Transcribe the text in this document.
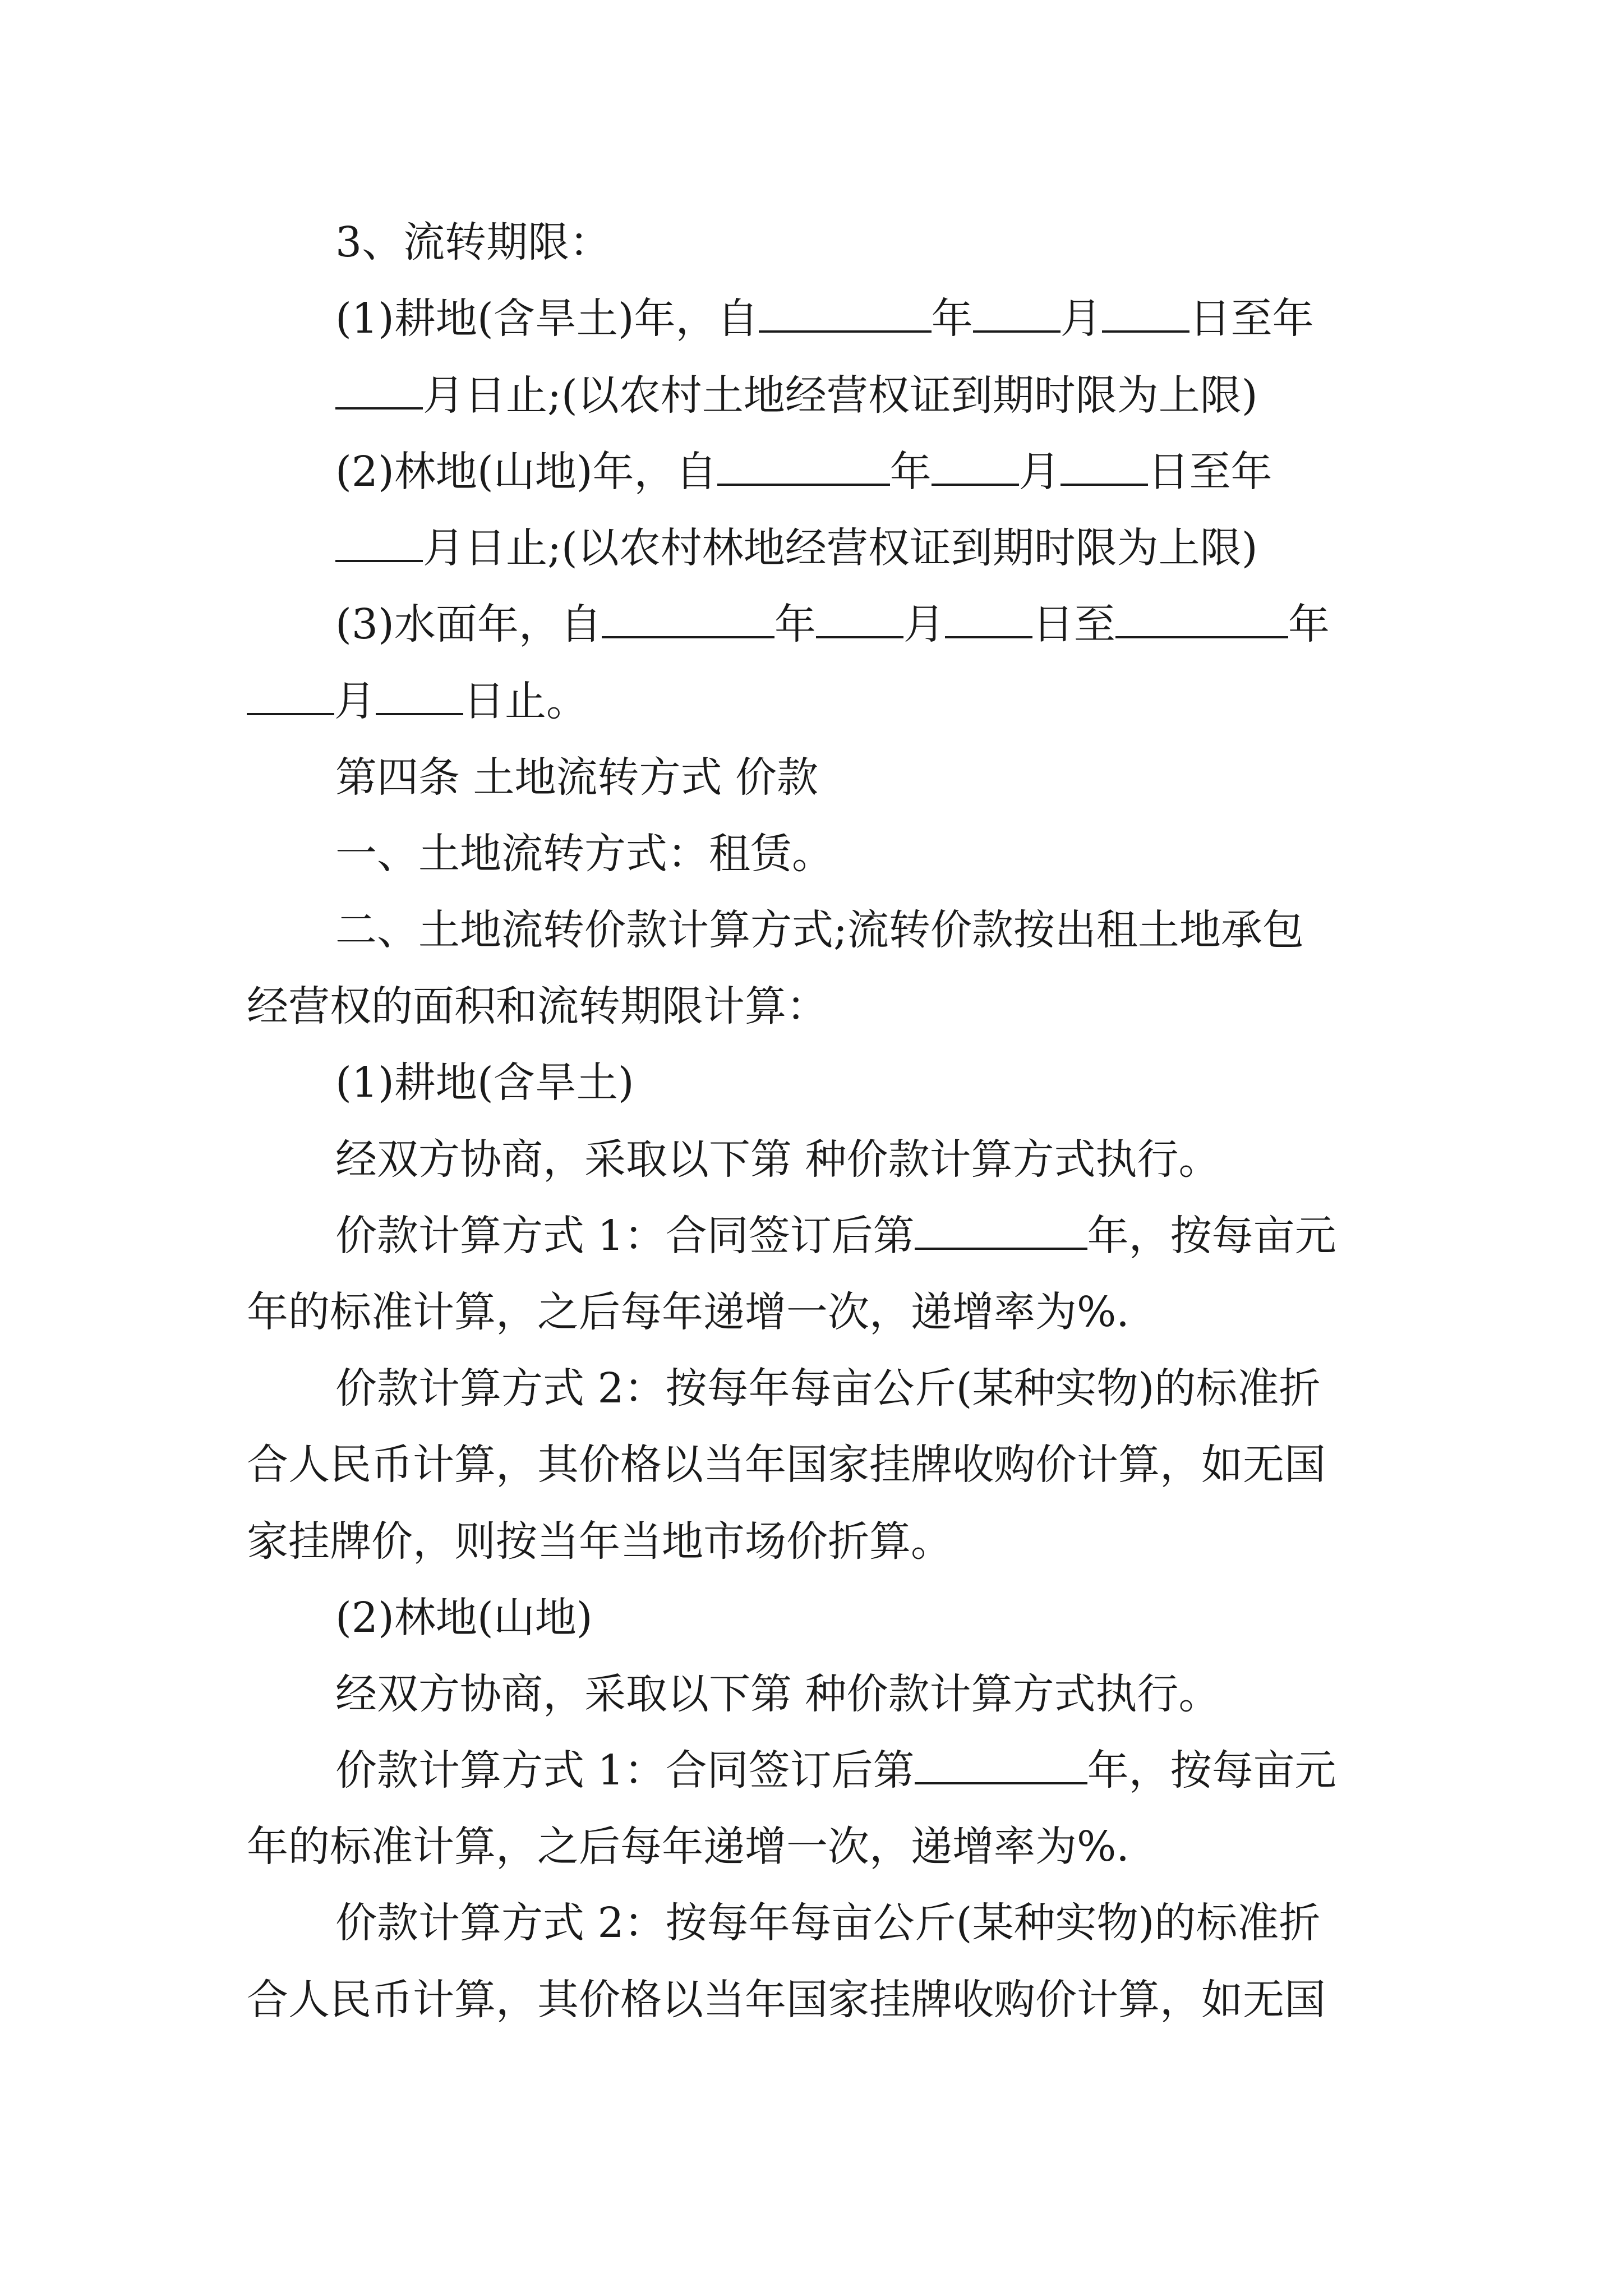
3、流转期限：

(1)耕地(含旱土)年，自	年 月 日至年

月日止;(以农村土地经营权证到期时限为上限)

(2)林地(山地)年，自	年 月 日至年

月日止;(以农村林地经营权证到期时限为上限)

(3)水面年，自	年 月 日至	年

月 日止。

第四条 土地流转方式 价款

一、土地流转方式：租赁。

二、土地流转价款计算方式;流转价款按出租土地承包

经营权的面积和流转期限计算：

(1)耕地(含旱土)

经双方协商，采取以下第 种价款计算方式执行。

价款计算方式 1：合同签订后第	年，按每亩元

年的标准计算，之后每年递增一次，递增率为%.

价款计算方式 2：按每年每亩公斤(某种实物)的标准折

合人民币计算，其价格以当年国家挂牌收购价计算，如无国

家挂牌价，则按当年当地市场价折算。

(2)林地(山地)

经双方协商，采取以下第 种价款计算方式执行。

价款计算方式 1：合同签订后第	年，按每亩元

年的标准计算，之后每年递增一次，递增率为%.

价款计算方式 2：按每年每亩公斤(某种实物)的标准折

合人民币计算，其价格以当年国家挂牌收购价计算，如无国
